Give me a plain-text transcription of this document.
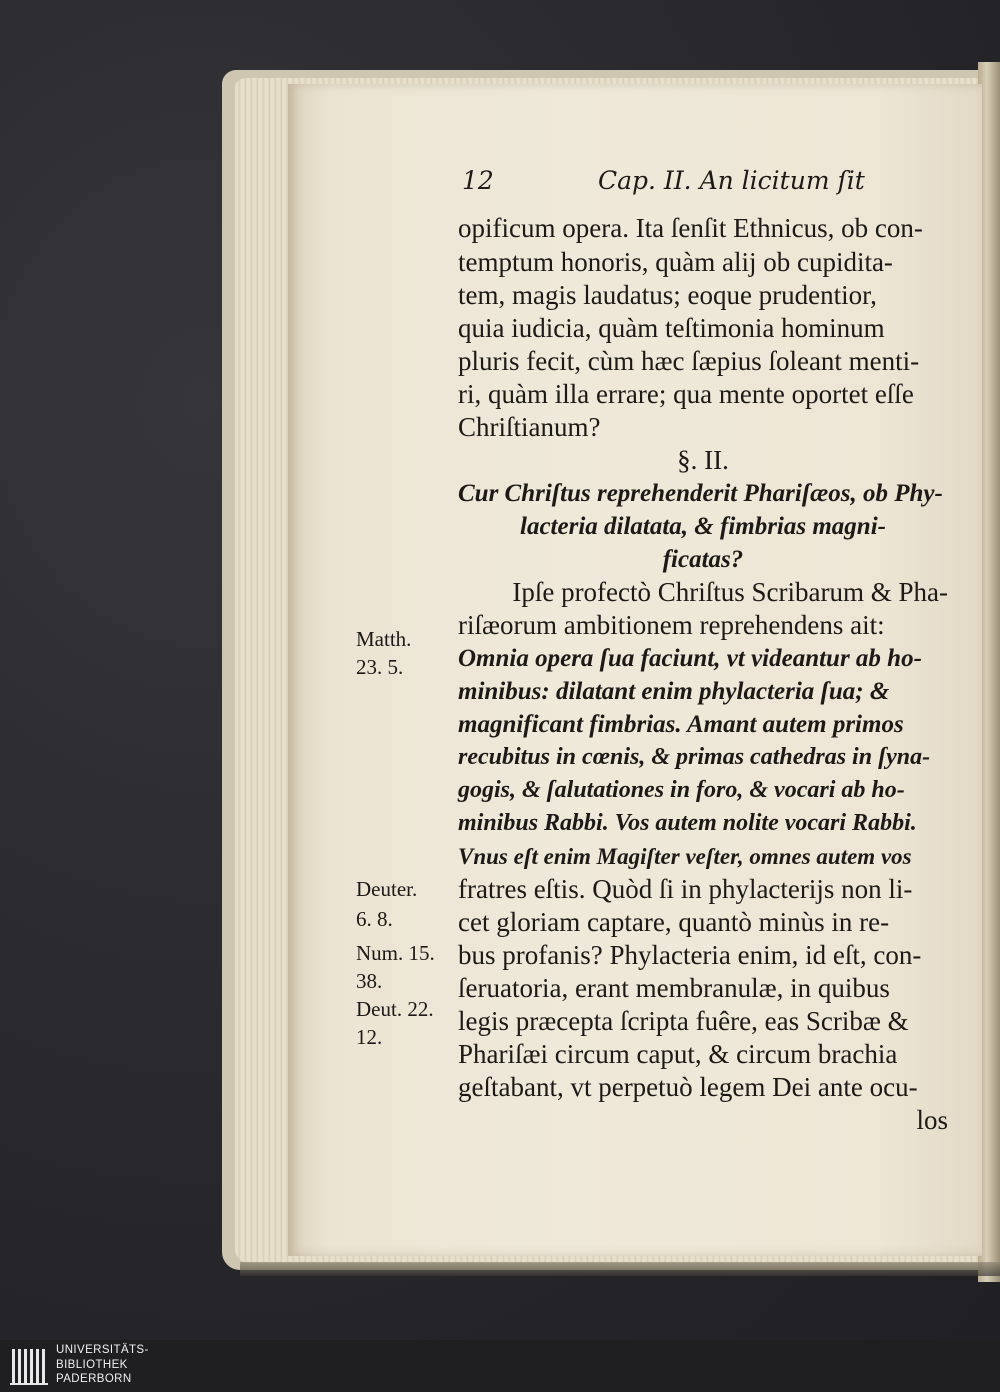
12	Cap. II. An licitum ſit
opificum opera. Ita ſenſit Ethnicus, ob con-
temptum honoris, quàm alij ob cupidita-
tem, magis laudatus; eoque prudentior,
quia iudicia, quàm teſtimonia hominum
pluris fecit, cùm hæc ſæpius ſoleant menti-
ri, quàm illa errare; qua mente oportet eſſe
Chriſtianum?
§. II.
Cur Chriſtus reprehenderit Phariſæos, ob Phy-
lacteria dilatata, & fimbrias magni-
ficatas?
Ipſe profectò Chriſtus Scribarum & Pha-
riſæorum ambitionem reprehendens ait:
Omnia opera ſua faciunt, vt videantur ab ho-
minibus: dilatant enim phylacteria ſua; &
magnificant fimbrias. Amant autem primos
recubitus in cœnis, & primas cathedras in ſyna-
gogis, & ſalutationes in foro, & vocari ab ho-
minibus Rabbi. Vos autem nolite vocari Rabbi.
Vnus eſt enim Magiſter veſter, omnes autem vos
fratres eſtis. Quòd ſi in phylacterijs non li-
cet gloriam captare, quantò minùs in re-
bus profanis? Phylacteria enim, id eſt, con-
ſeruatoria, erant membranulæ, in quibus
legis præcepta ſcripta fuêre, eas Scribæ &
Phariſæi circum caput, & circum brachia
geſtabant, vt perpetuò legem Dei ante ocu-
los
Matth.
23. 5.
Deuter.
6. 8.
Num. 15.
38.
Deut. 22.
12.
UNIVERSITÄTS-
BIBLIOTHEK
PADERBORN
